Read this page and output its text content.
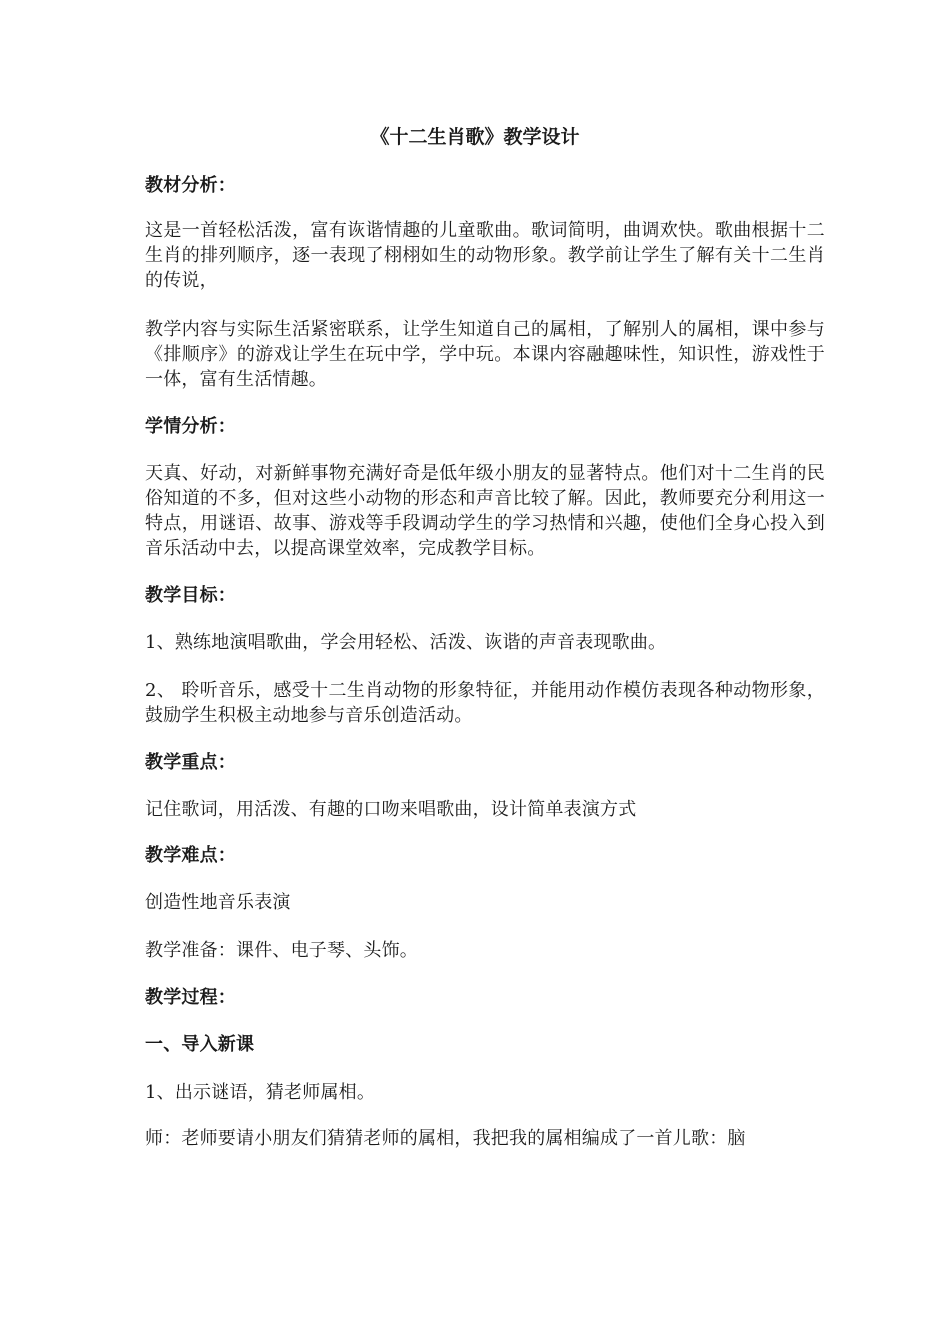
《十二生肖歌》教学设计
教材分析：
这是一首轻松活泼，富有诙谐情趣的儿童歌曲。歌词简明，曲调欢快。歌曲根据十二生肖的排列顺序，逐一表现了栩栩如生的动物形象。教学前让学生了解有关十二生肖的传说，
教学内容与实际生活紧密联系，让学生知道自己的属相，了解别人的属相，课中参与《排顺序》的游戏让学生在玩中学，学中玩。本课内容融趣味性，知识性，游戏性于一体，富有生活情趣。
学情分析：
天真、好动，对新鲜事物充满好奇是低年级小朋友的显著特点。他们对十二生肖的民俗知道的不多，但对这些小动物的形态和声音比较了解。因此，教师要充分利用这一特点，用谜语、故事、游戏等手段调动学生的学习热情和兴趣，使他们全身心投入到音乐活动中去，以提高课堂效率，完成教学目标。
教学目标：
1、熟练地演唱歌曲，学会用轻松、活泼、诙谐的声音表现歌曲。
2、 聆听音乐，感受十二生肖动物的形象特征，并能用动作模仿表现各种动物形象，鼓励学生积极主动地参与音乐创造活动。
教学重点：
记住歌词，用活泼、有趣的口吻来唱歌曲，设计简单表演方式
教学难点：
创造性地音乐表演
教学准备：课件、电子琴、头饰。
教学过程：
一、导入新课
1、出示谜语，猜老师属相。
师：老师要请小朋友们猜猜老师的属相，我把我的属相编成了一首儿歌：脑
